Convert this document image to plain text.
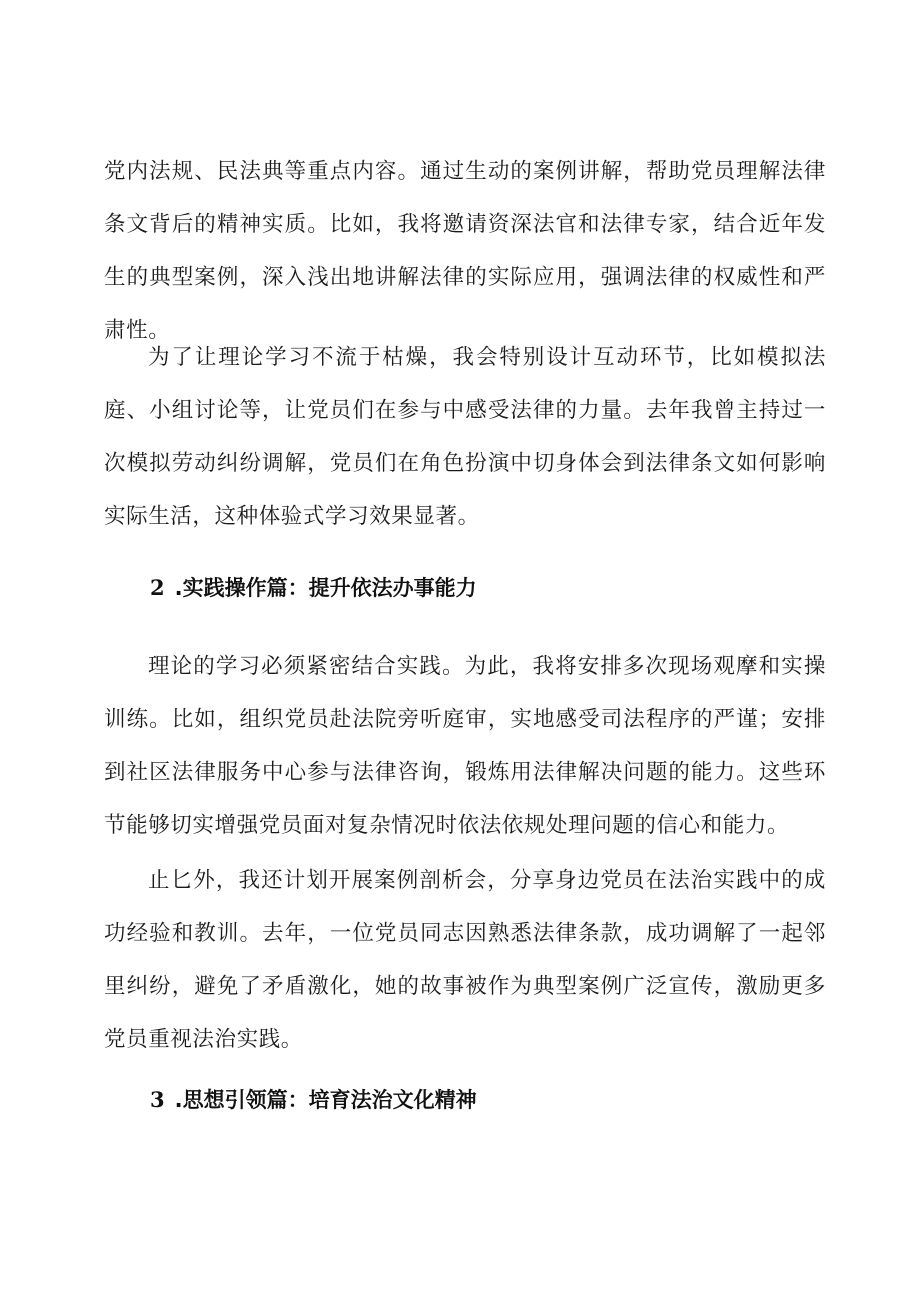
党内法规、民法典等重点内容。通过生动的案例讲解，帮助党员理解法律条文背后的精神实质。比如，我将邀请资深法官和法律专家，结合近年发生的典型案例，深入浅出地讲解法律的实际应用，强调法律的权威性和严肃性。

为了让理论学习不流于枯燥，我会特别设计互动环节，比如模拟法庭、小组讨论等，让党员们在参与中感受法律的力量。去年我曾主持过一次模拟劳动纠纷调解，党员们在角色扮演中切身体会到法律条文如何影响实际生活，这种体验式学习效果显著。

2 .实践操作篇：提升依法办事能力

理论的学习必须紧密结合实践。为此，我将安排多次现场观摩和实操训练。比如，组织党员赴法院旁听庭审，实地感受司法程序的严谨；安排到社区法律服务中心参与法律咨询，锻炼用法律解决问题的能力。这些环节能够切实增强党员面对复杂情况时依法依规处理问题的信心和能力。

止匕外，我还计划开展案例剖析会，分享身边党员在法治实践中的成功经验和教训。去年，一位党员同志因熟悉法律条款，成功调解了一起邻里纠纷，避免了矛盾激化，她的故事被作为典型案例广泛宣传，激励更多党员重视法治实践。

3 .思想引领篇：培育法治文化精神
